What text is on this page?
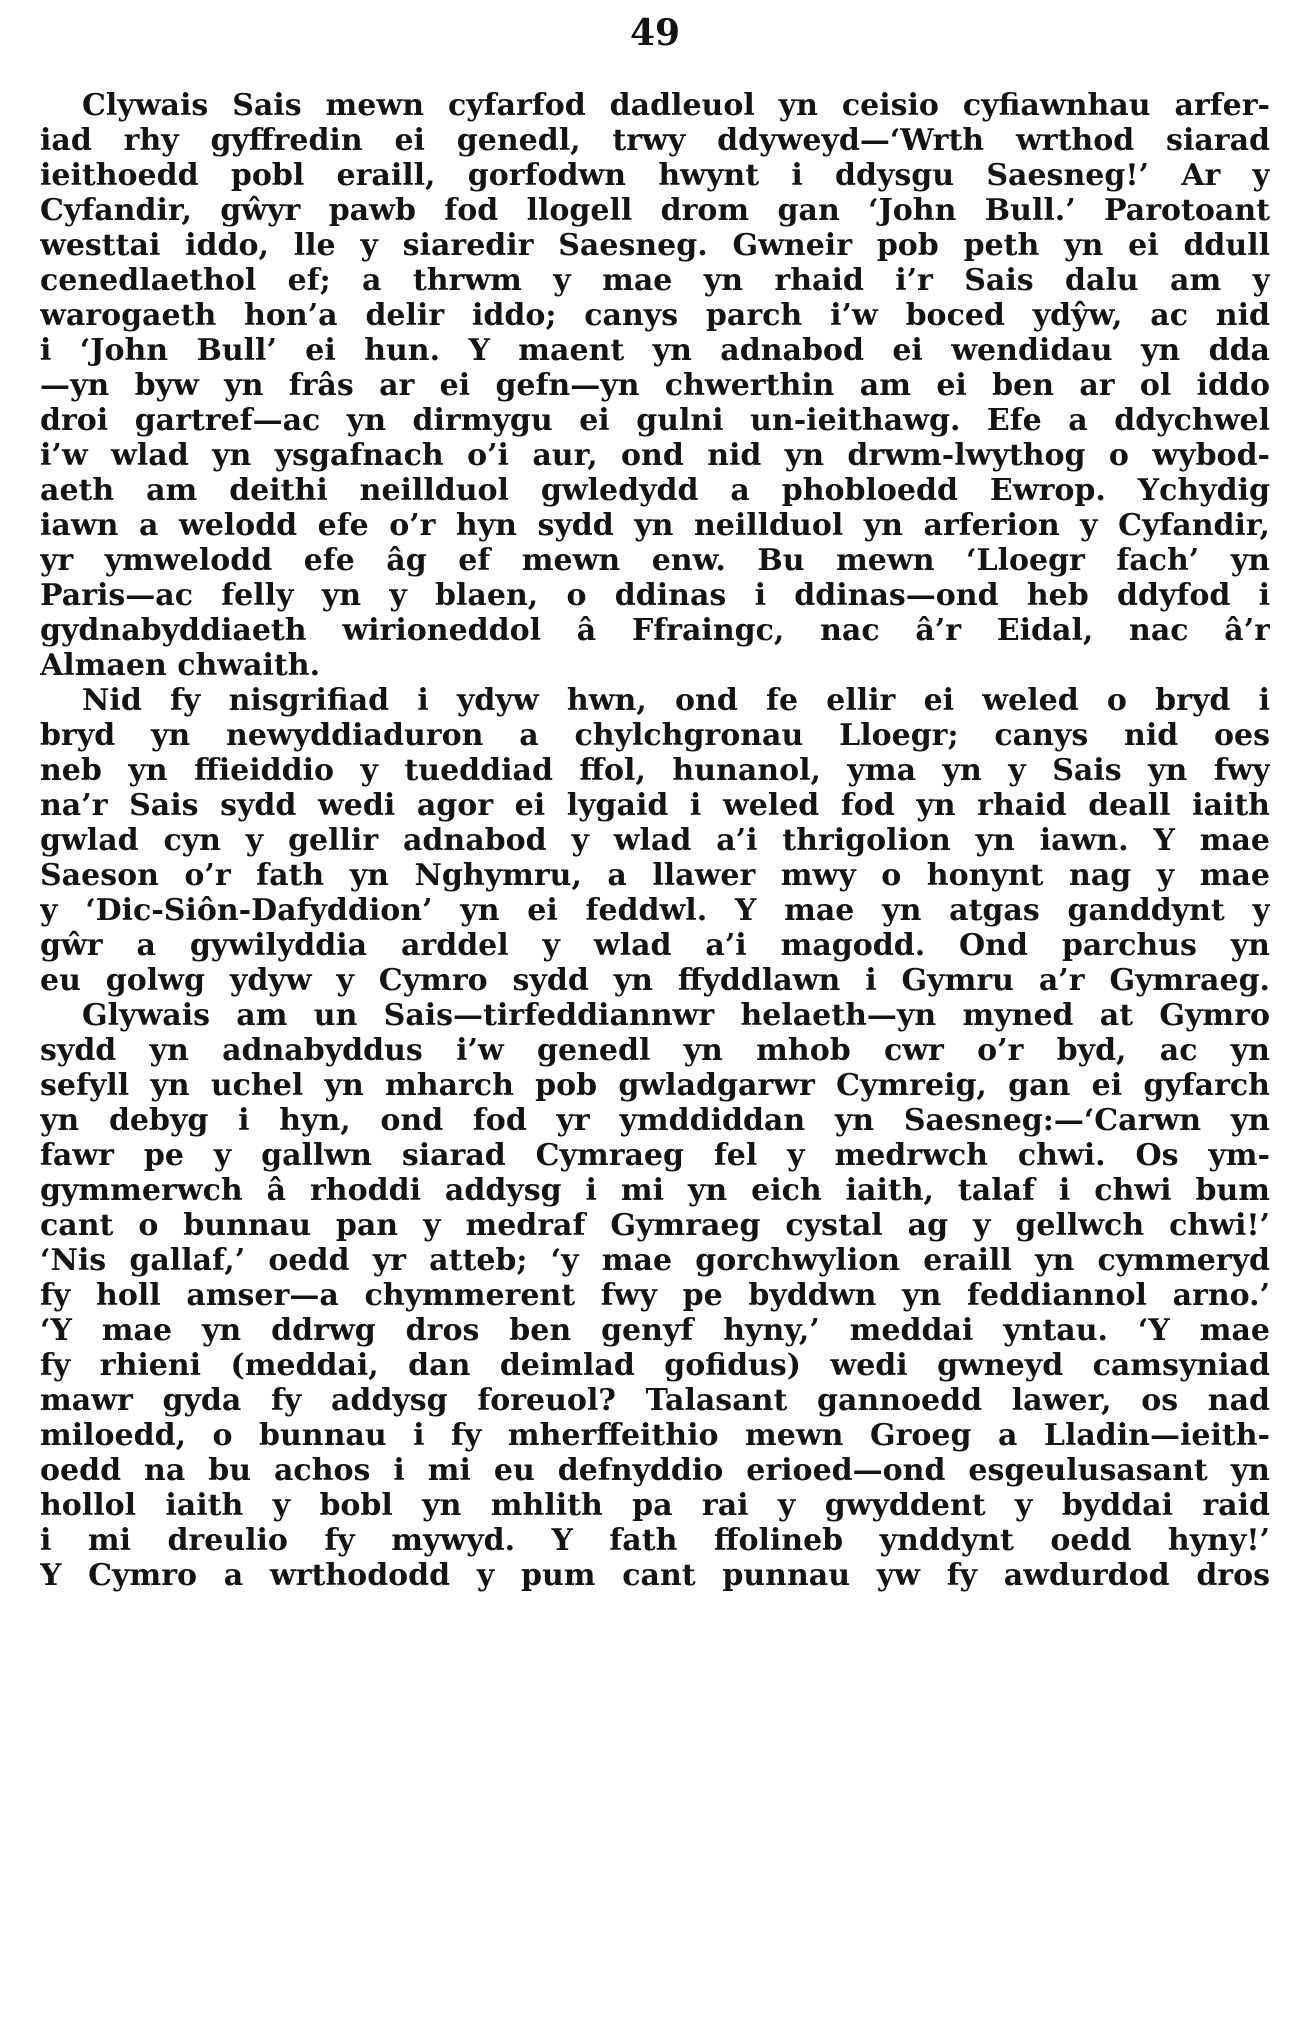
49
Clywais Sais mewn cyfarfod dadleuol yn ceisio cyfiawnhau arfer-
iad rhy gyffredin ei genedl, trwy ddyweyd—‘Wrth wrthod siarad
ieithoedd pobl eraill, gorfodwn hwynt i ddysgu Saesneg!’ Ar y
Cyfandir, gŵyr pawb fod llogell drom gan ‘John Bull.’ Parotoant
westtai iddo, lle y siaredir Saesneg. Gwneir pob peth yn ei ddull
cenedlaethol ef; a thrwm y mae yn rhaid i’r Sais dalu am y
warogaeth hon’a delir iddo; canys parch i’w boced ydŷw, ac nid
i ‘John Bull’ ei hun. Y maent yn adnabod ei wendidau yn dda
—yn byw yn frâs ar ei gefn—yn chwerthin am ei ben ar ol iddo
droi gartref—ac yn dirmygu ei gulni un-ieithawg. Efe a ddychwel
i’w wlad yn ysgafnach o’i aur, ond nid yn drwm-lwythog o wybod-
aeth am deithi neillduol gwledydd a phobloedd Ewrop. Ychydig
iawn a welodd efe o’r hyn sydd yn neillduol yn arferion y Cyfandir,
yr ymwelodd efe âg ef mewn enw. Bu mewn ‘Lloegr fach’ yn
Paris—ac felly yn y blaen, o ddinas i ddinas—ond heb ddyfod i
gydnabyddiaeth wirioneddol â Ffraingc, nac â’r Eidal, nac â’r
Almaen chwaith.
Nid fy nisgrifiad i ydyw hwn, ond fe ellir ei weled o bryd i
bryd yn newyddiaduron a chylchgronau Lloegr; canys nid oes
neb yn ffieiddio y tueddiad ffol, hunanol, yma yn y Sais yn fwy
na’r Sais sydd wedi agor ei lygaid i weled fod yn rhaid deall iaith
gwlad cyn y gellir adnabod y wlad a’i thrigolion yn iawn. Y mae
Saeson o’r fath yn Nghymru, a llawer mwy o honynt nag y mae
y ‘Dic-Siôn-Dafyddion’ yn ei feddwl. Y mae yn atgas ganddynt y
gŵr a gywilyddia arddel y wlad a’i magodd. Ond parchus yn
eu golwg ydyw y Cymro sydd yn ffyddlawn i Gymru a’r Gymraeg.
Glywais am un Sais—tirfeddiannwr helaeth—yn myned at Gymro
sydd yn adnabyddus i’w genedl yn mhob cwr o’r byd, ac yn
sefyll yn uchel yn mharch pob gwladgarwr Cymreig, gan ei gyfarch
yn debyg i hyn, ond fod yr ymddiddan yn Saesneg:—‘Carwn yn
fawr pe y gallwn siarad Cymraeg fel y medrwch chwi. Os ym-
gymmerwch â rhoddi addysg i mi yn eich iaith, talaf i chwi bum
cant o bunnau pan y medraf Gymraeg cystal ag y gellwch chwi!’
‘Nis gallaf,’ oedd yr atteb; ‘y mae gorchwylion eraill yn cymmeryd
fy holl amser—a chymmerent fwy pe byddwn yn feddiannol arno.’
‘Y mae yn ddrwg dros ben genyf hyny,’ meddai yntau. ‘Y mae
fy rhieni (meddai, dan deimlad gofidus) wedi gwneyd camsyniad
mawr gyda fy addysg foreuol? Talasant gannoedd lawer, os nad
miloedd, o bunnau i fy mherffeithio mewn Groeg a Lladin—ieith-
oedd na bu achos i mi eu defnyddio erioed—ond esgeulusasant yn
hollol iaith y bobl yn mhlith pa rai y gwyddent y byddai raid
i mi dreulio fy mywyd. Y fath ffolineb ynddynt oedd hyny!’
Y Cymro a wrthododd y pum cant punnau yw fy awdurdod dros
